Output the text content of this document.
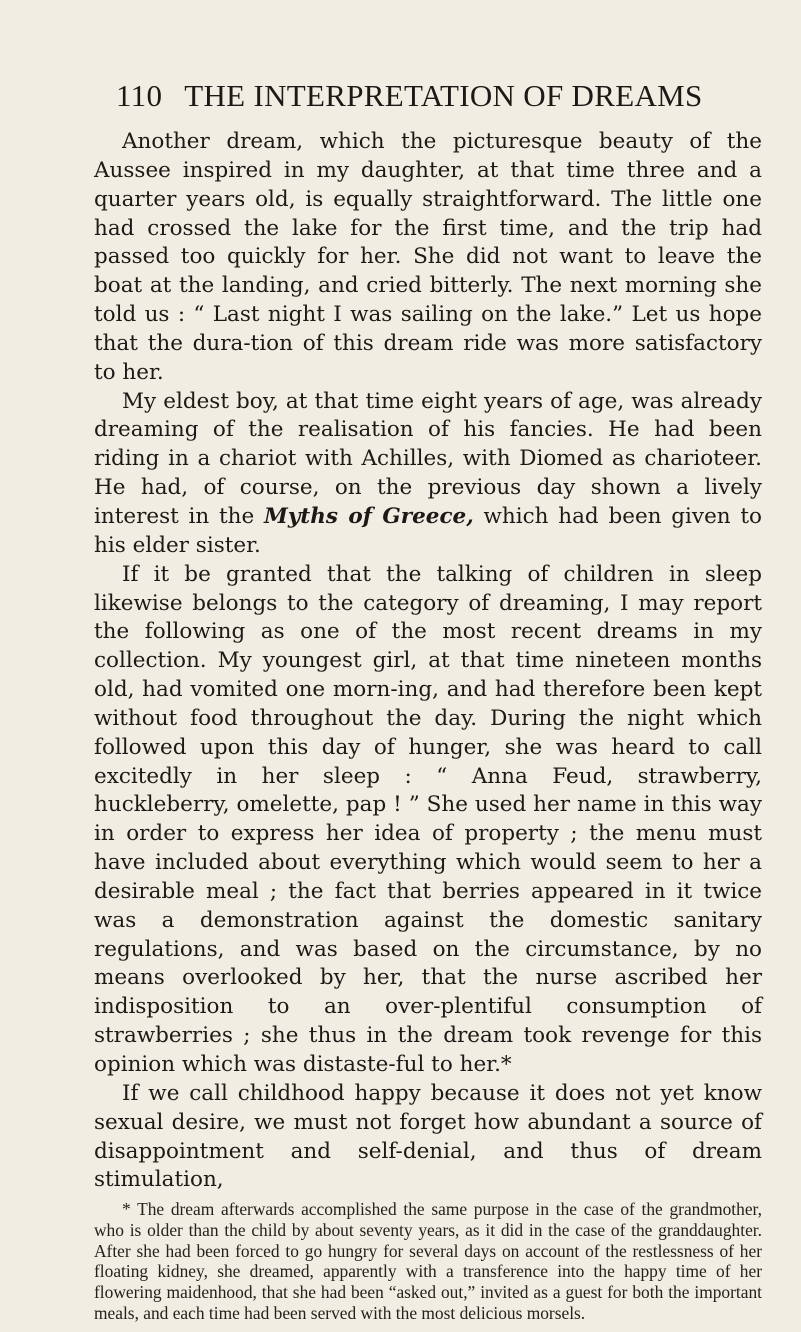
110 THE INTERPRETATION OF DREAMS

Another dream, which the picturesque beauty of the Aussee inspired in my daughter, at that time three and a quarter years old, is equally straightforward. The little one had crossed the lake for the first time, and the trip had passed too quickly for her. She did not want to leave the boat at the landing, and cried bitterly. The next morning she told us : “ Last night I was sailing on the lake.” Let us hope that the dura-tion of this dream ride was more satisfactory to her.

My eldest boy, at that time eight years of age, was already dreaming of the realisation of his fancies. He had been riding in a chariot with Achilles, with Diomed as charioteer. He had, of course, on the previous day shown a lively interest in the Myths of Greece, which had been given to his elder sister.

If it be granted that the talking of children in sleep likewise belongs to the category of dreaming, I may report the following as one of the most recent dreams in my collection. My youngest girl, at that time nineteen months old, had vomited one morn-ing, and had therefore been kept without food throughout the day. During the night which followed upon this day of hunger, she was heard to call excitedly in her sleep : “ Anna Feud, strawberry, huckleberry, omelette, pap ! ” She used her name in this way in order to express her idea of property ; the menu must have included about everything which would seem to her a desirable meal ; the fact that berries appeared in it twice was a demonstration against the domestic sanitary regulations, and was based on the circumstance, by no means overlooked by her, that the nurse ascribed her indisposition to an over-plentiful consumption of strawberries ; she thus in the dream took revenge for this opinion which was distaste-ful to her.*

If we call childhood happy because it does not yet know sexual desire, we must not forget how abundant a source of disappointment and self-denial, and thus of dream stimulation,

* The dream afterwards accomplished the same purpose in the case of the grandmother, who is older than the child by about seventy years, as it did in the case of the granddaughter. After she had been forced to go hungry for several days on account of the restlessness of her floating kidney, she dreamed, apparently with a transference into the happy time of her flowering maidenhood, that she had been “asked out,” invited as a guest for both the important meals, and each time had been served with the most delicious morsels.
